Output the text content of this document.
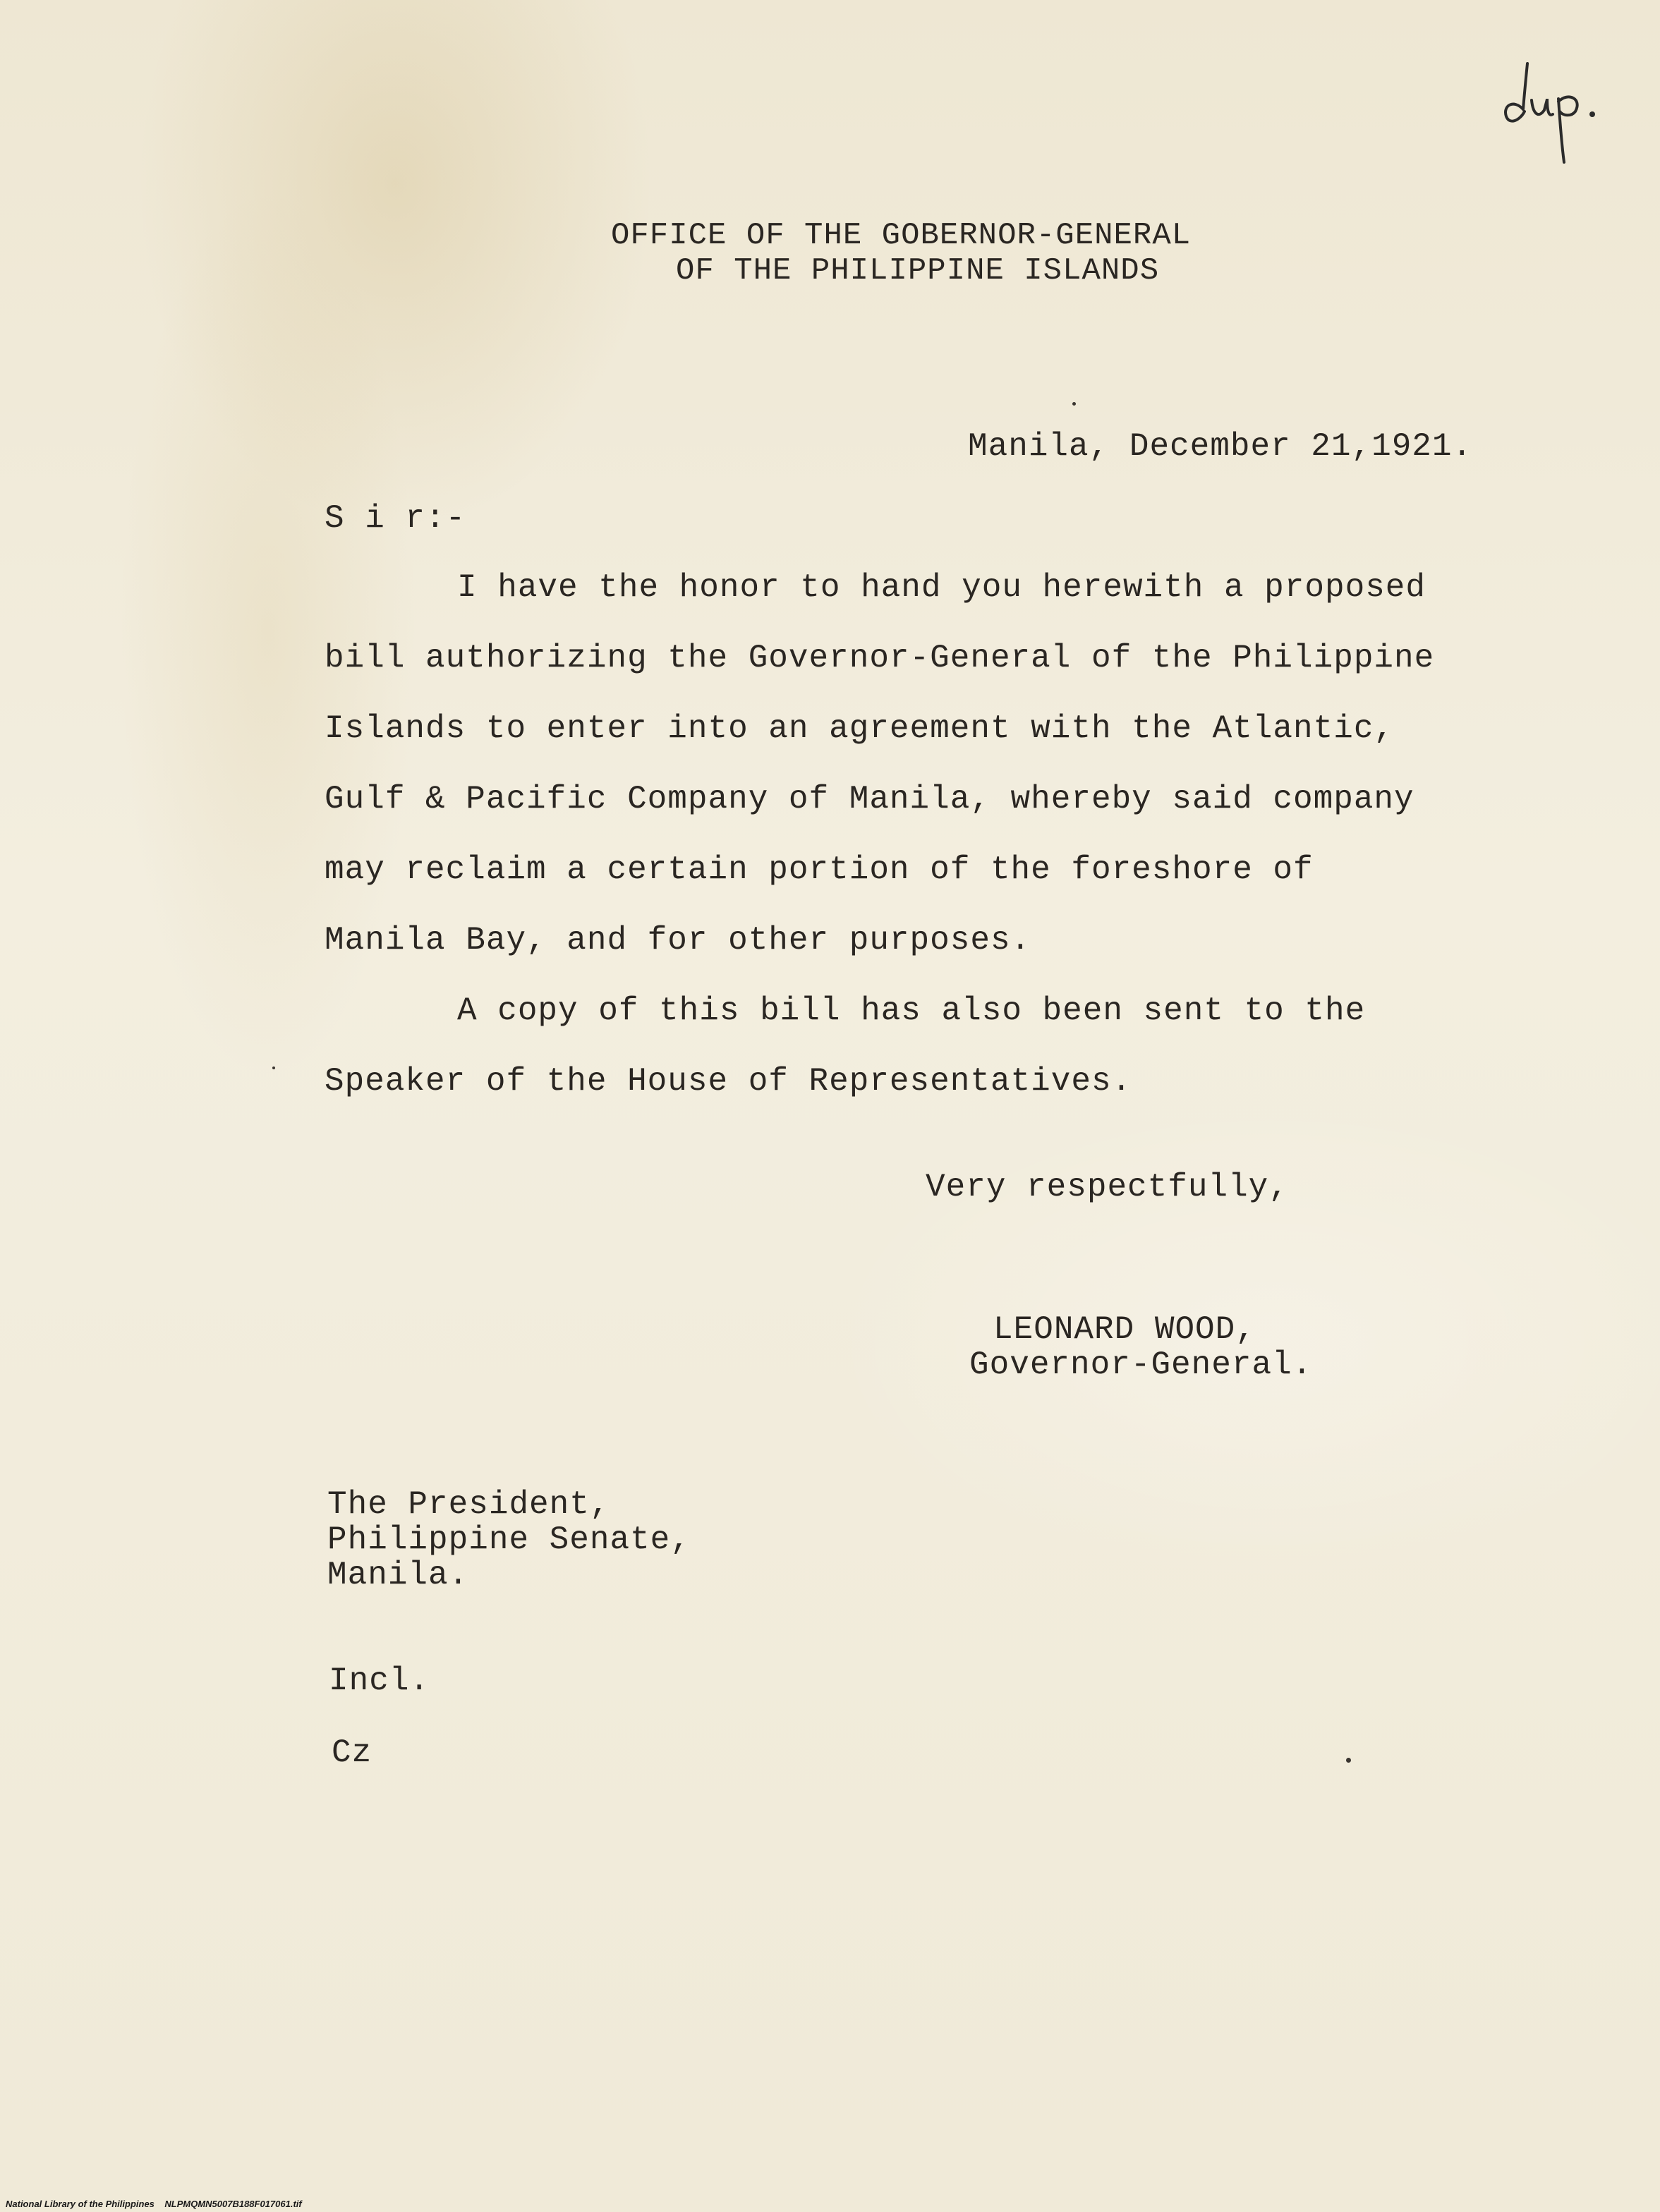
OFFICE OF THE GOBERNOR-GENERAL
OF THE PHILIPPINE ISLANDS
Manila, December 21,1921.
S i r:-
I have the honor to hand you herewith a proposed
bill authorizing the Governor-General of the Philippine
Islands to enter into an agreement with the Atlantic,
Gulf & Pacific Company of Manila, whereby said company
may reclaim a certain portion of the foreshore of
Manila Bay, and for other purposes.
A copy of this bill has also been sent to the
Speaker of the House of Representatives.
Very respectfully,
LEONARD WOOD,
Governor-General.
The President,
Philippine Senate,
Manila.
Incl.
Cz
National Library of the Philippines NLPMQMN5007B188F017061.tif
